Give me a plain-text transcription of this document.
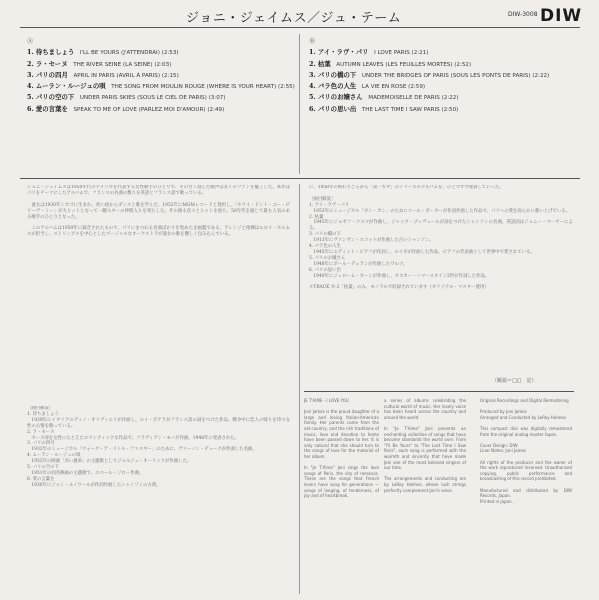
ジョニ・ジェイムス／ジュ・テーム	DIW-3008 DIW
Ⓐ
1. 待ちましょう　 I'LL BE YOURS (J'ATTENDRAI) (2:53)
2. ラ・セーヌ　 THE RIVER SEINE (LA SEINE) (2:03)
3. パリの四月　 APRIL IN PARIS (AVRIL À PARIS) (2:15)
4. ムーラン・ルージュの唄　 THE SONG FROM MOULIN ROUGE (WHERE IS YOUR HEART) (2:55)
5. パリの空の下　 UNDER PARIS SKIES (SOUS LE CIEL DE PARIS) (3:07)
6. 愛の言葉を　 SPEAK TO ME OF LOVE (PARLEZ MOI D'AMOUR) (2:49)
Ⓑ
1. アイ・ラヴ・パリ　 I LOVE PARIS (2:21)
2. 枯葉　 AUTUMN LEAVES (LES FEUILLES MORTES) (2:52)
3. パリの橋の下　 UNDER THE BRIDGES OF PARIS (SOUS LES PONTS DE PARIS) (2:22)
4. バラ色の人生　 LA VIE EN ROSE (2:59)
5. パリのお嬢さん　 MADEMOISELLE DE PARIS (2:22)
6. パリの思い出　 THE LAST TIME I SAW PARIS (2:50)
ジョニ・ジェイムスは1950年代のアメリカを代表する女性歌手のひとりで、その甘く澄んだ歌声は多くのファンを魅了した。本作はパリをテーマにしたアルバムで、フランスの名曲の数々を英語とフランス語で歌っている。

　彼女は1930年シカゴに生まれ、幼い頃からダンスと歌を学んだ。1952年にMGMレコードと契約し、「ホワイ・ドント・ユー・ビリーヴ・ミー」が大ヒットとなって一躍スターの仲間入りを果たした。その後も次々とヒットを放ち、50年代を通じて最も人気のある歌手のひとりとなった。

　このアルバムは1959年に録音されたもので、パリにまつわる名曲ばかりを集めた企画盤である。アレンジと指揮はルロイ・ホルムスが担当し、ストリングスを中心としたゴージャスなオーケストラが彼女の歌を優しく包み込んでいる。
［曲目解説］
1. 待ちましょう
　1939年にイタリアのディノ・オリヴィエリが作曲し、ルイ・ポテラがフランス語の詞をつけた作品。戦争中に恋人の帰りを待つ女性の心情を歌っている。
2. ラ・セーヌ
　セーヌ河を女性にたとえたロマンティックな作品で、フラヴィアン・モノが作曲。1948年に発表された。
3. パリの四月
　1932年のミュージカル「ウォーク・ア・リトル・ファスター」のために、ヴァーノン・デュークが作曲した名曲。
4. ムーラン・ルージュの唄
　1952年の映画「赤い風車」の主題歌としてジョルジュ・オーリックが作曲した。
5. パリの空の下
　1951年の同名映画の主題歌で、ユベール・ジロー作曲。
6. 愛の言葉を
　1930年にジャン・ルノワールが作詞作曲したシャンソンの古典。
に、1958年の終わりごろから「第一カタ」のシリーズのアルバムを、ひとつずつ発表していった。

［曲目解説］
1. アイ・ラヴ・パリ
　1953年のミュージカル「カン・カン」のためにコール・ポーターが作詞作曲した作品で、パリへの愛を高らかに歌い上げている。
2. 枯葉
　1945年にジョゼフ・コスマが作曲し、ジャック・プレヴェールが詞をつけたシャンソンの名曲。英語詞はジョニー・マーサーによる。
3. パリの橋の下
　1913年にヴァンサン・スコットが作曲した古いシャンソン。
4. バラ色の人生
　1945年にエディット・ピアフが作詞し、ルイギが作曲した作品。ピアフの代表曲として世界中で愛されている。
5. パリのお嬢さん
　1948年にポール・デュランが作曲したワルツ。
6. パリの思い出
　1940年にジェローム・カーンが作曲し、オスカー・ハマースタイン2世が作詞した作品。

＊TRACK Ⓑ-2「枯葉」のみ、モノラルで収録されています（オリジナル・マスター使用）
（解説＝□□　記）
JE T'AIME - I LOVE YOU

Joni James is the proud daughter of a large and loving Italian-American family. Her parents came from the old country, and the rich traditions of music, love and devotion to home have been passed down to her. It is only natural that she should turn to the songs of love for the material of her album.

In "Je T'Aime" Joni sings the love songs of Paris, the city of romance. These are the songs that French lovers have sung for generations — songs of longing, of tenderness, of joy and of heartbreak.
a series of albums celebrating the cultural world of music. Her lovely voice has been heard across the country and around the world.

In "Je T'Aime" Joni presents an enchanting collection of songs that have become standards the world over. From "I'll Be Yours" to "The Last Time I Saw Paris", each song is performed with the warmth and sincerity that have made Joni one of the most beloved singers of our time.

The arrangements and conducting are by LeRoy Holmes, whose lush strings perfectly complement Joni's voice.
Original Recordings and Digital Remastering

Produced by Joni James
Arranged and Conducted by LeRoy Holmes

This compact disc was digitally remastered from the original analog master tapes.

Cover Design: DIW
Liner Notes: Joni James

All rights of the producer and the owner of the work reproduced reserved. Unauthorized copying, public performance and broadcasting of this record prohibited.

Manufactured and distributed by DIW Records, Japan.
Printed in Japan.
